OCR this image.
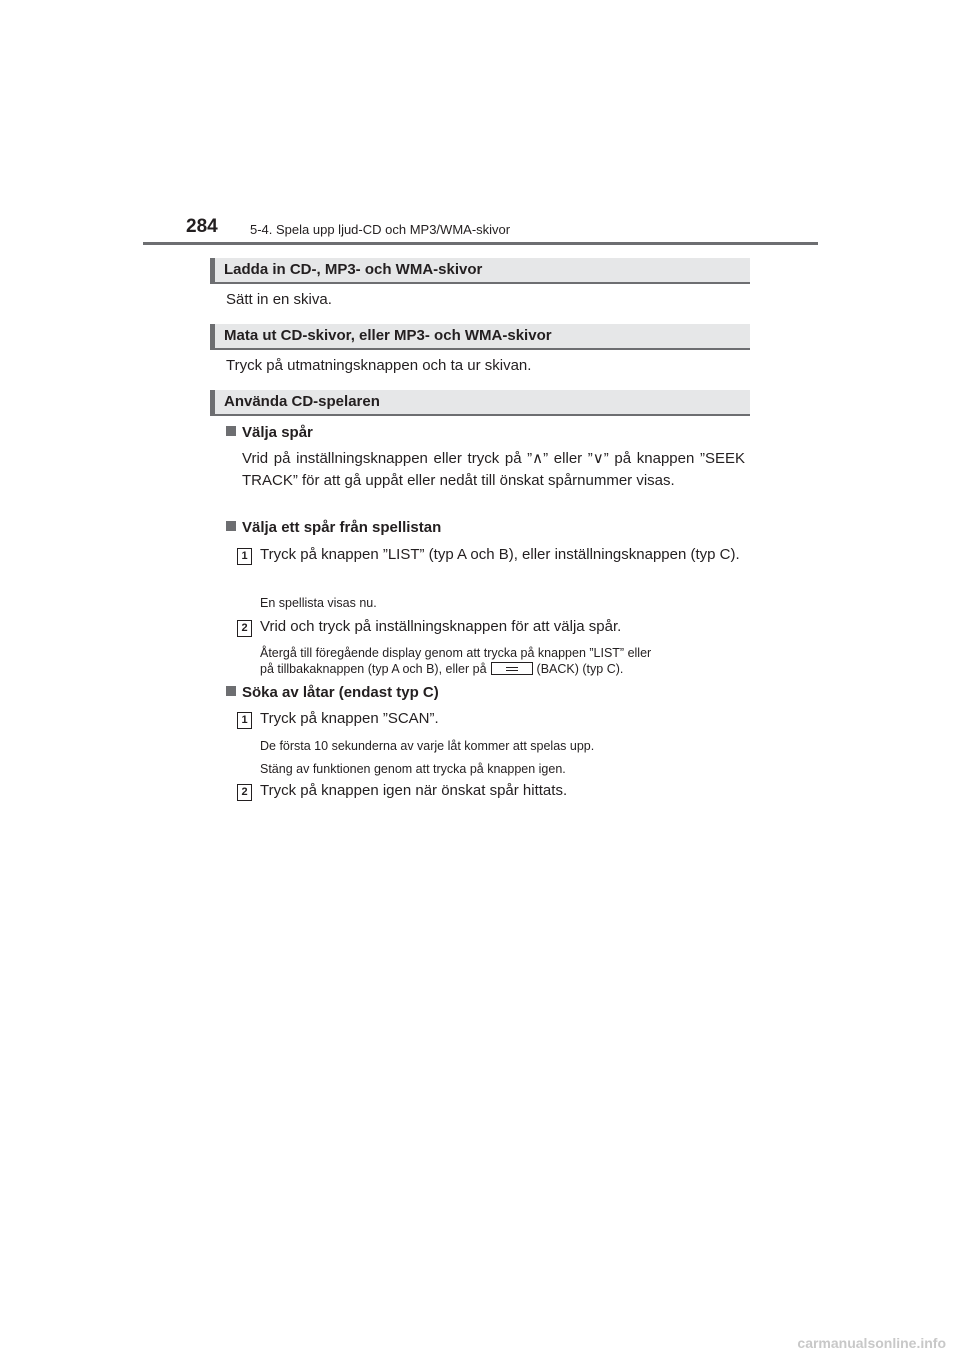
284 5-4. Spela upp ljud-CD och MP3/WMA-skivor
Ladda in CD-, MP3- och WMA-skivor
Sätt in en skiva.
Mata ut CD-skivor, eller MP3- och WMA-skivor
Tryck på utmatningsknappen och ta ur skivan.
Använda CD-spelaren
Välja spår
Vrid på inställningsknappen eller tryck på ”∧” eller ”∨” på knappen ”SEEK TRACK” för att gå uppåt eller nedåt till önskat spårnummer visas.
Välja ett spår från spellistan
1 Tryck på knappen ”LIST” (typ A och B), eller inställningsknappen (typ C).
En spellista visas nu.
2 Vrid och tryck på inställningsknappen för att välja spår.
Återgå till föregående display genom att trycka på knappen ”LIST” eller
på tillbakaknappen (typ A och B), eller på	(BACK) (typ C).
Söka av låtar (endast typ C)
1 Tryck på knappen ”SCAN”.
De första 10 sekunderna av varje låt kommer att spelas upp.
Stäng av funktionen genom att trycka på knappen igen.
2 Tryck på knappen igen när önskat spår hittats.
carmanualsonline.info
